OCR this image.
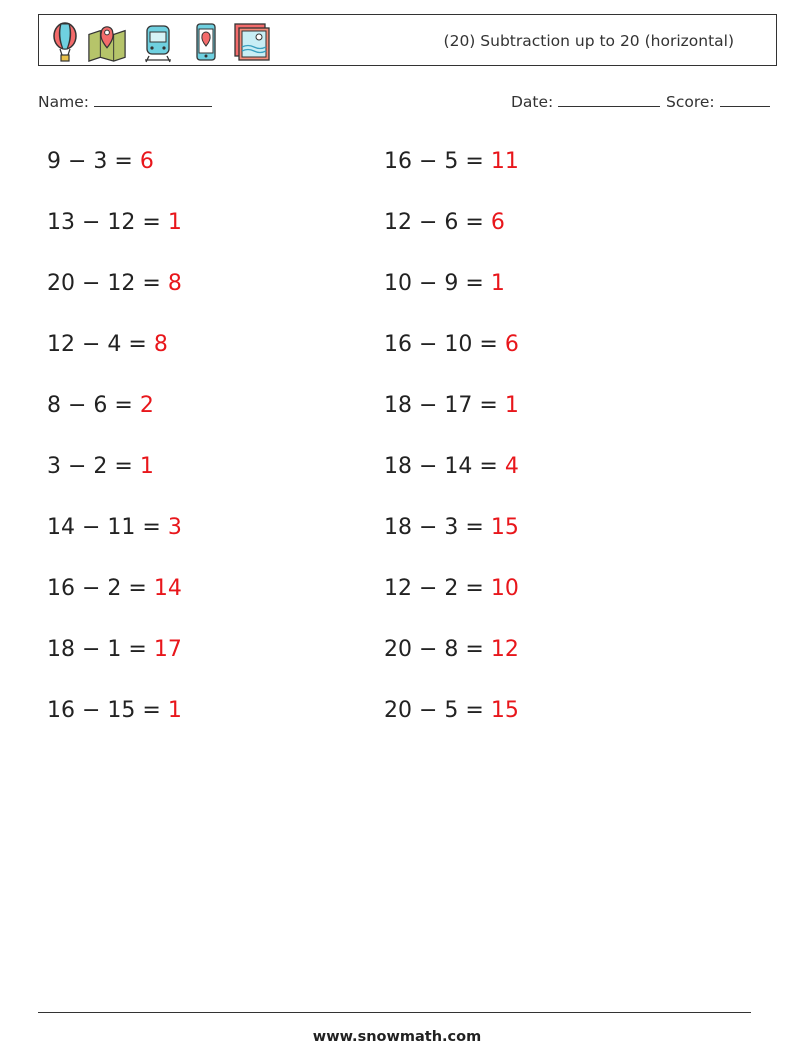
(20) Subtraction up to 20 (horizontal)
Name:	Date:	Score:
9 − 3 = 6
13 − 12 = 1
20 − 12 = 8
12 − 4 = 8
8 − 6 = 2
3 − 2 = 1
14 − 11 = 3
16 − 2 = 14
18 − 1 = 17
16 − 15 = 1
16 − 5 = 11
12 − 6 = 6
10 − 9 = 1
16 − 10 = 6
18 − 17 = 1
18 − 14 = 4
18 − 3 = 15
12 − 2 = 10
20 − 8 = 12
20 − 5 = 15
www.snowmath.com
